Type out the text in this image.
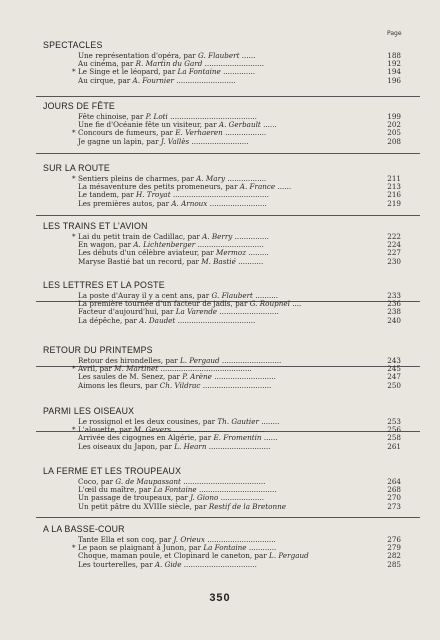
Page
SPECTACLES
Une représentation d'opéra, par G. Flaubert ......	188
Au cinéma, par R. Martin du Gard ..........................	192
* Le Singe et le léopard, par La Fontaine ..............	194
Au cirque, par A. Fournier ..........................	196
JOURS DE FÊTE
Fête chinoise, par P. Loti ......................................	199
Une fie d'Océanie fête un visiteur, par A. Gerbault ......	202
* Concours de fumeurs, par E. Verhaeren ..................	205
Je gagne un lapin, par J. Vallès .........................	208
SUR LA ROUTE
* Sentiers pleins de charmes, par A. Mary .................	211
La mésaventure des petits promeneurs, par A. France ......	213
Le tandem, par H. Troyat ..........................................	216
Les premières autos, par A. Arnoux .........................	219
LES TRAINS ET L'AVION
* Lai du petit train de Cadillac, par A. Berry ...............	222
En wagon, par A. Lichtenberger .............................	224
Les débuts d'un célèbre aviateur, par Mermoz .........	227
Maryse Bastié bat un record, par M. Bastié ...........	230
LES LETTRES ET LA POSTE
La poste d'Auray il y a cent ans, par G. Flaubert ..........	233
La première tournée d'un facteur de jadis, par G. Roupnel ....	236
Facteur d'aujourd'hui, par La Varende ..........................	238
La dépêche, par A. Daudet ..................................	240
RETOUR DU PRINTEMPS
Retour des hirondelles, par L. Pergaud ..........................	243
* Avril, par M. Martinet ........................................	245
Les saules de M. Senez, par P. Arène ...........................	247
Aimons les fleurs, par Ch. Vildrac ..............................	250
PARMI LES OISEAUX
Le rossignol et les deux cousines, par Th. Gautier ........	253
* L'alouette, par M. Gevers ........................................	256
Arrivée des cigognes en Algérie, par E. Fromentin ......	258
Les oiseaux du Japon, par L. Hearn ...........................	261
LA FERME ET LES TROUPEAUX
Coco, par G. de Maupassant ....................................	264
L'œil du maître, par La Fontaine ..................................	268
Un passage de troupeaux, par J. Giono ...................	270
Un petit pâtre du XVIIIe siècle, par Restif de la Bretonne	273
A LA BASSE-COUR
Tante Ella et son coq, par J. Orieux ..............................	276
* Le paon se plaignant à Junon, par La Fontaine ............	279
Choque, maman poule, et Clopinard le caneton, par L. Pergaud	282
Les tourterelles, par A. Gide ................................	285
350
